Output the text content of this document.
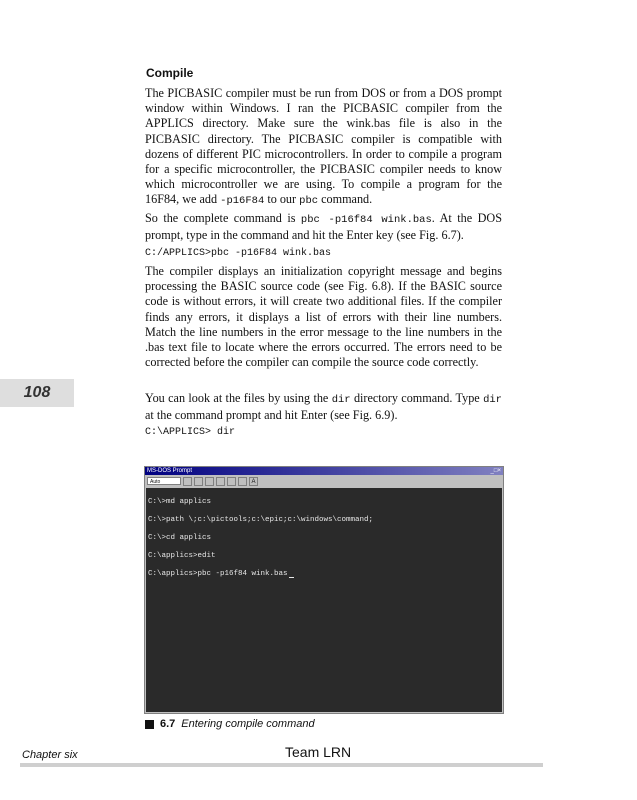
Compile

The PICBASIC compiler must be run from DOS or from a DOS prompt window within Windows. I ran the PICBASIC compiler from the APPLICS directory. Make sure the wink.bas file is also in the PICBASIC directory. The PICBASIC compiler is compatible with dozens of different PIC microcontrollers. In order to compile a program for a specific microcontroller, the PICBASIC compiler needs to know which microcontroller we are using. To compile a program for the 16F84, we add -p16F84 to our pbc command.

So the complete command is pbc -p16f84 wink.bas. At the DOS prompt, type in the command and hit the Enter key (see Fig. 6.7).

C:/APPLICS>pbc -p16F84 wink.bas

The compiler displays an initialization copyright message and begins processing the BASIC source code (see Fig. 6.8). If the BASIC source code is without errors, it will create two additional files. If the compiler finds any errors, it displays a list of errors with their line numbers. Match the line numbers in the error message to the line numbers in the .bas text file to locate where the errors occurred. The errors need to be corrected before the compiler can compile the source code correctly.

108	You can look at the files by using the dir directory command. Type dir at the command prompt and hit Enter (see Fig. 6.9).

C:\APPLICS> dir
MS-DOS Prompt	_□×
Auto	A
C:\>md applics
C:\>path \;c:\pictools;c:\epic;c:\windows\command;
C:\>cd applics
C:\applics>edit
C:\applics>pbc -p16f84 wink.bas
6.7 Entering compile command
Chapter six	Team LRN
